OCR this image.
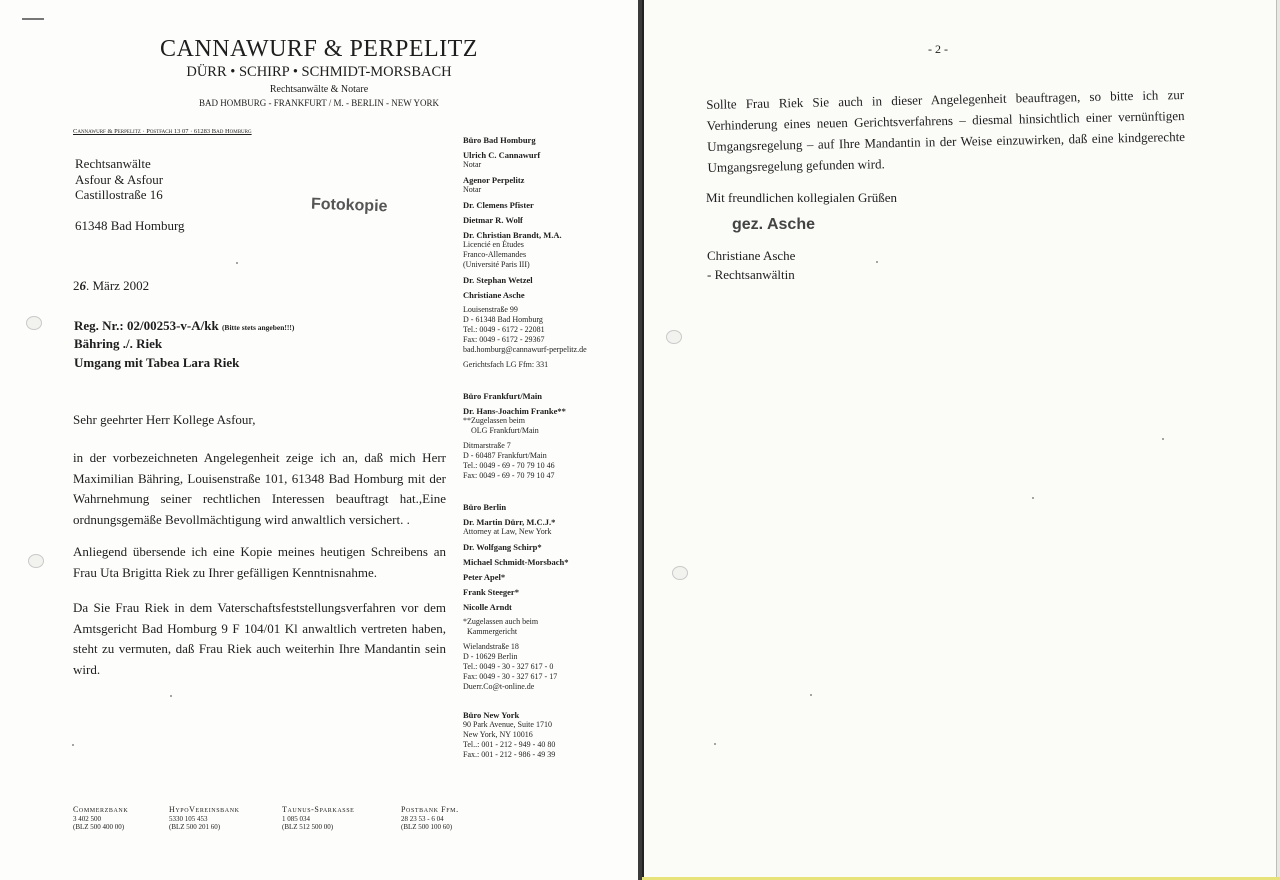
CANNAWURF & PERPELITZ
DÜRR • SCHIRP • SCHMIDT-MORSBACH
Rechtsanwälte & Notare
BAD HOMBURG - FRANKFURT / M. - BERLIN - NEW YORK
Cannawurf & Perpelitz · Postfach 13 07 · 61283 Bad Homburg
Rechtsanwälte
Asfour & Asfour
Castillostraße 16
61348 Bad Homburg
Fotokopie
26. März 2002
Reg. Nr.: 02/00253-v-A/kk (Bitte stets angeben!!!)
Bähring ./. Riek
Umgang mit Tabea Lara Riek
Sehr geehrter Herr Kollege Asfour,
in der vorbezeichneten Angelegenheit zeige ich an, daß mich Herr Maximilian Bähring, Louisenstraße 101, 61348 Bad Homburg mit der Wahrnehmung seiner rechtlichen Interessen beauftragt hat.,Eine ordnungsgemäße Bevollmächtigung wird anwaltlich versichert. .
Anliegend übersende ich eine Kopie meines heutigen Schreibens an Frau Uta Brigitta Riek zu Ihrer gefälligen Kenntnisnahme.
Da Sie Frau Riek in dem Vaterschaftsfeststellungsverfahren vor dem Amtsgericht Bad Homburg 9 F 104/01 Kl anwaltlich vertreten haben, steht zu vermuten, daß Frau Riek auch weiterhin Ihre Mandantin sein wird.
Büro Bad Homburg
Ulrich C. Cannawurf
Notar
Agenor Perpelitz
Notar
Dr. Clemens Pfister
Dietmar R. Wolf
Dr. Christian Brandt, M.A.
Licencié en Études
Franco-Allemandes
(Université Paris III)
Dr. Stephan Wetzel
Christiane Asche
Louisenstraße 99
D - 61348 Bad Homburg
Tel.: 0049 - 6172 - 22081
Fax: 0049 - 6172 - 29367
bad.homburg@cannawurf-perpelitz.de
Gerichtsfach LG Ffm: 331
Büro Frankfurt/Main
Dr. Hans-Joachim Franke**
**Zugelassen beim
OLG Frankfurt/Main
Ditmarstraße 7
D - 60487 Frankfurt/Main
Tel.: 0049 - 69 - 70 79 10 46
Fax: 0049 - 69 - 70 79 10 47
Büro Berlin
Dr. Martin Dürr, M.C.J.*
Attorney at Law, New York
Dr. Wolfgang Schirp*
Michael Schmidt-Morsbach*
Peter Apel*
Frank Steeger*
Nicolle Arndt
*Zugelassen auch beim
Kammergericht
Wielandstraße 18
D - 10629 Berlin
Tel.: 0049 - 30 - 327 617 - 0
Fax: 0049 - 30 - 327 617 - 17
Duerr.Co@t-online.de
Büro New York
90 Park Avenue, Suite 1710
New York, NY 10016
Tel..: 001 - 212 - 949 - 40 80
Fax.: 001 - 212 - 986 - 49 39
Commerzbank
3 402 500
(BLZ 500 400 00)
HypoVereinsbank
5330 105 453
(BLZ 500 201 60)
Taunus-Sparkasse
1 085 034
(BLZ 512 500 00)
Postbank Ffm.
28 23 53 - 6 04
(BLZ 500 100 60)
- 2 -
Sollte Frau Riek Sie auch in dieser Angelegenheit beauftragen, so bitte ich zur Verhinderung eines neuen Gerichtsverfahrens – diesmal hinsichtlich einer vernünftigen Umgangsregelung – auf Ihre Mandantin in der Weise einzuwirken, daß eine kindgerechte Umgangsregelung gefunden wird.
Mit freundlichen kollegialen Grüßen
gez. Asche
Christiane Asche
- Rechtsanwältin
